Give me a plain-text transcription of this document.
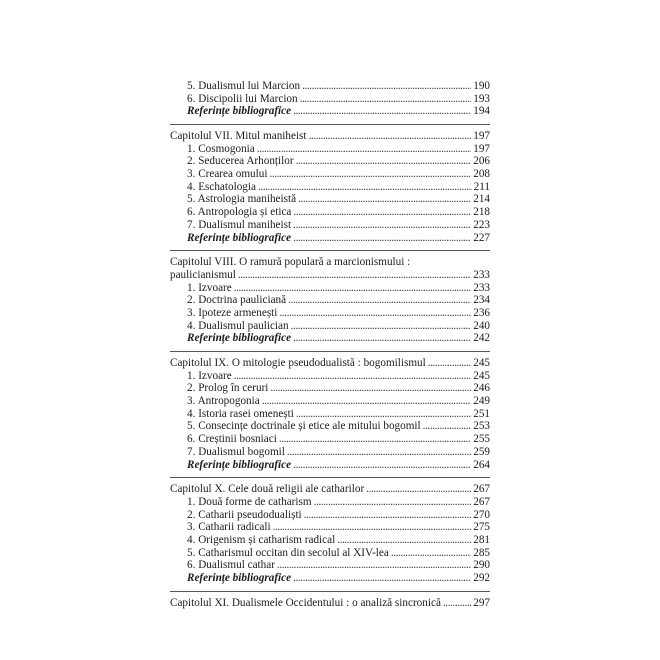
5. Dualismul lui Marcion . . .	190
6. Discipolii lui Marcion . . .	193
Referințe bibliografice . . .	194
Capitolul VII. Mitul maniheist . . .	197
1. Cosmogonia . . .	197
2. Seducerea Arhonților . . .	206
3. Crearea omului . . .	208
4. Eschatologia . . .	211
5. Astrologia maniheistă . . .	214
6. Antropologia și etica . . .	218
7. Dualismul maniheist . . .	223
Referințe bibliografice . . .	227
Capitolul VIII. O ramură populară a marcionismului :
paulicianismul . . .	233
1. Izvoare . . .	233
2. Doctrina pauliciană . . .	234
3. Ipoteze armenești . . .	236
4. Dualismul paulician . . .	240
Referințe bibliografice . . .	242
Capitolul IX. O mitologie pseudodualistă : bogomilismul . . .	245
1. Izvoare . . .	245
2. Prolog în ceruri . . .	246
3. Antropogonia . . .	249
4. Istoria rasei omenești . . .	251
5. Consecințe doctrinale și etice ale mitului bogomil . . .	253
6. Creștinii bosniaci . . .	255
7. Dualismul bogomil . . .	259
Referințe bibliografice . . .	264
Capitolul X. Cele două religii ale catharilor . . .	267
1. Două forme de catharism . . .	267
2. Catharii pseudodualiști . . .	270
3. Catharii radicali . . .	275
4. Origenism și catharism radical . . .	281
5. Catharismul occitan din secolul al XIV-lea . . .	285
6. Dualismul cathar . . .	290
Referințe bibliografice . . .	292
Capitolul XI. Dualismele Occidentului : o analiză sincronică . . .	297
